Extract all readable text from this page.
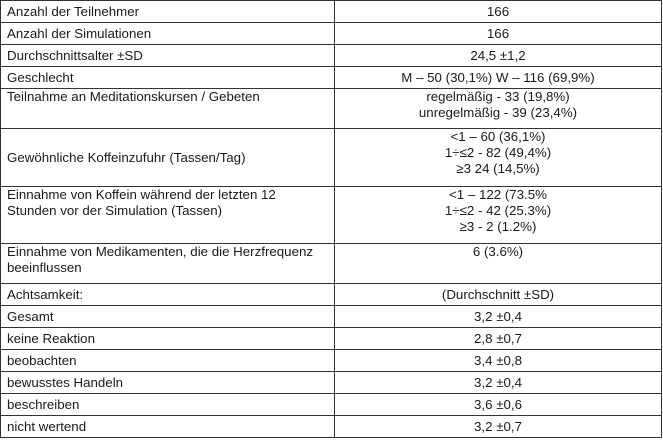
Anzahl der Teilnehmer	166

Anzahl der Simulationen	166

Durchschnittsalter ±SD	24,5 ±1,2

Geschlecht	M – 50 (30,1%) W – 116 (69,9%)

Teilnahme an Meditationskursen / Gebeten	regelmäßig - 33 (19,8%)
unregelmäßig - 39 (23,4%)

Gewöhnliche Koffeinzufuhr (Tassen/Tag)	<1 – 60 (36,1%)
1÷≤2 - 82 (49,4%)
≥3 24 (14,5%)

Einnahme von Koffein während der letzten 12 Stunden vor der Simulation (Tassen)	<1 – 122 (73.5%
1÷≤2 - 42 (25.3%)
≥3 - 2 (1.2%)

Einnahme von Medikamenten, die die Herzfrequenz beeinflussen	6 (3.6%)

Achtsamkeit:	(Durchschnitt ±SD)

Gesamt	3,2 ±0,4

keine Reaktion	2,8 ±0,7

beobachten	3,4 ±0,8

bewusstes Handeln	3,2 ±0,4

beschreiben	3,6 ±0,6

nicht wertend	3,2 ±0,7
